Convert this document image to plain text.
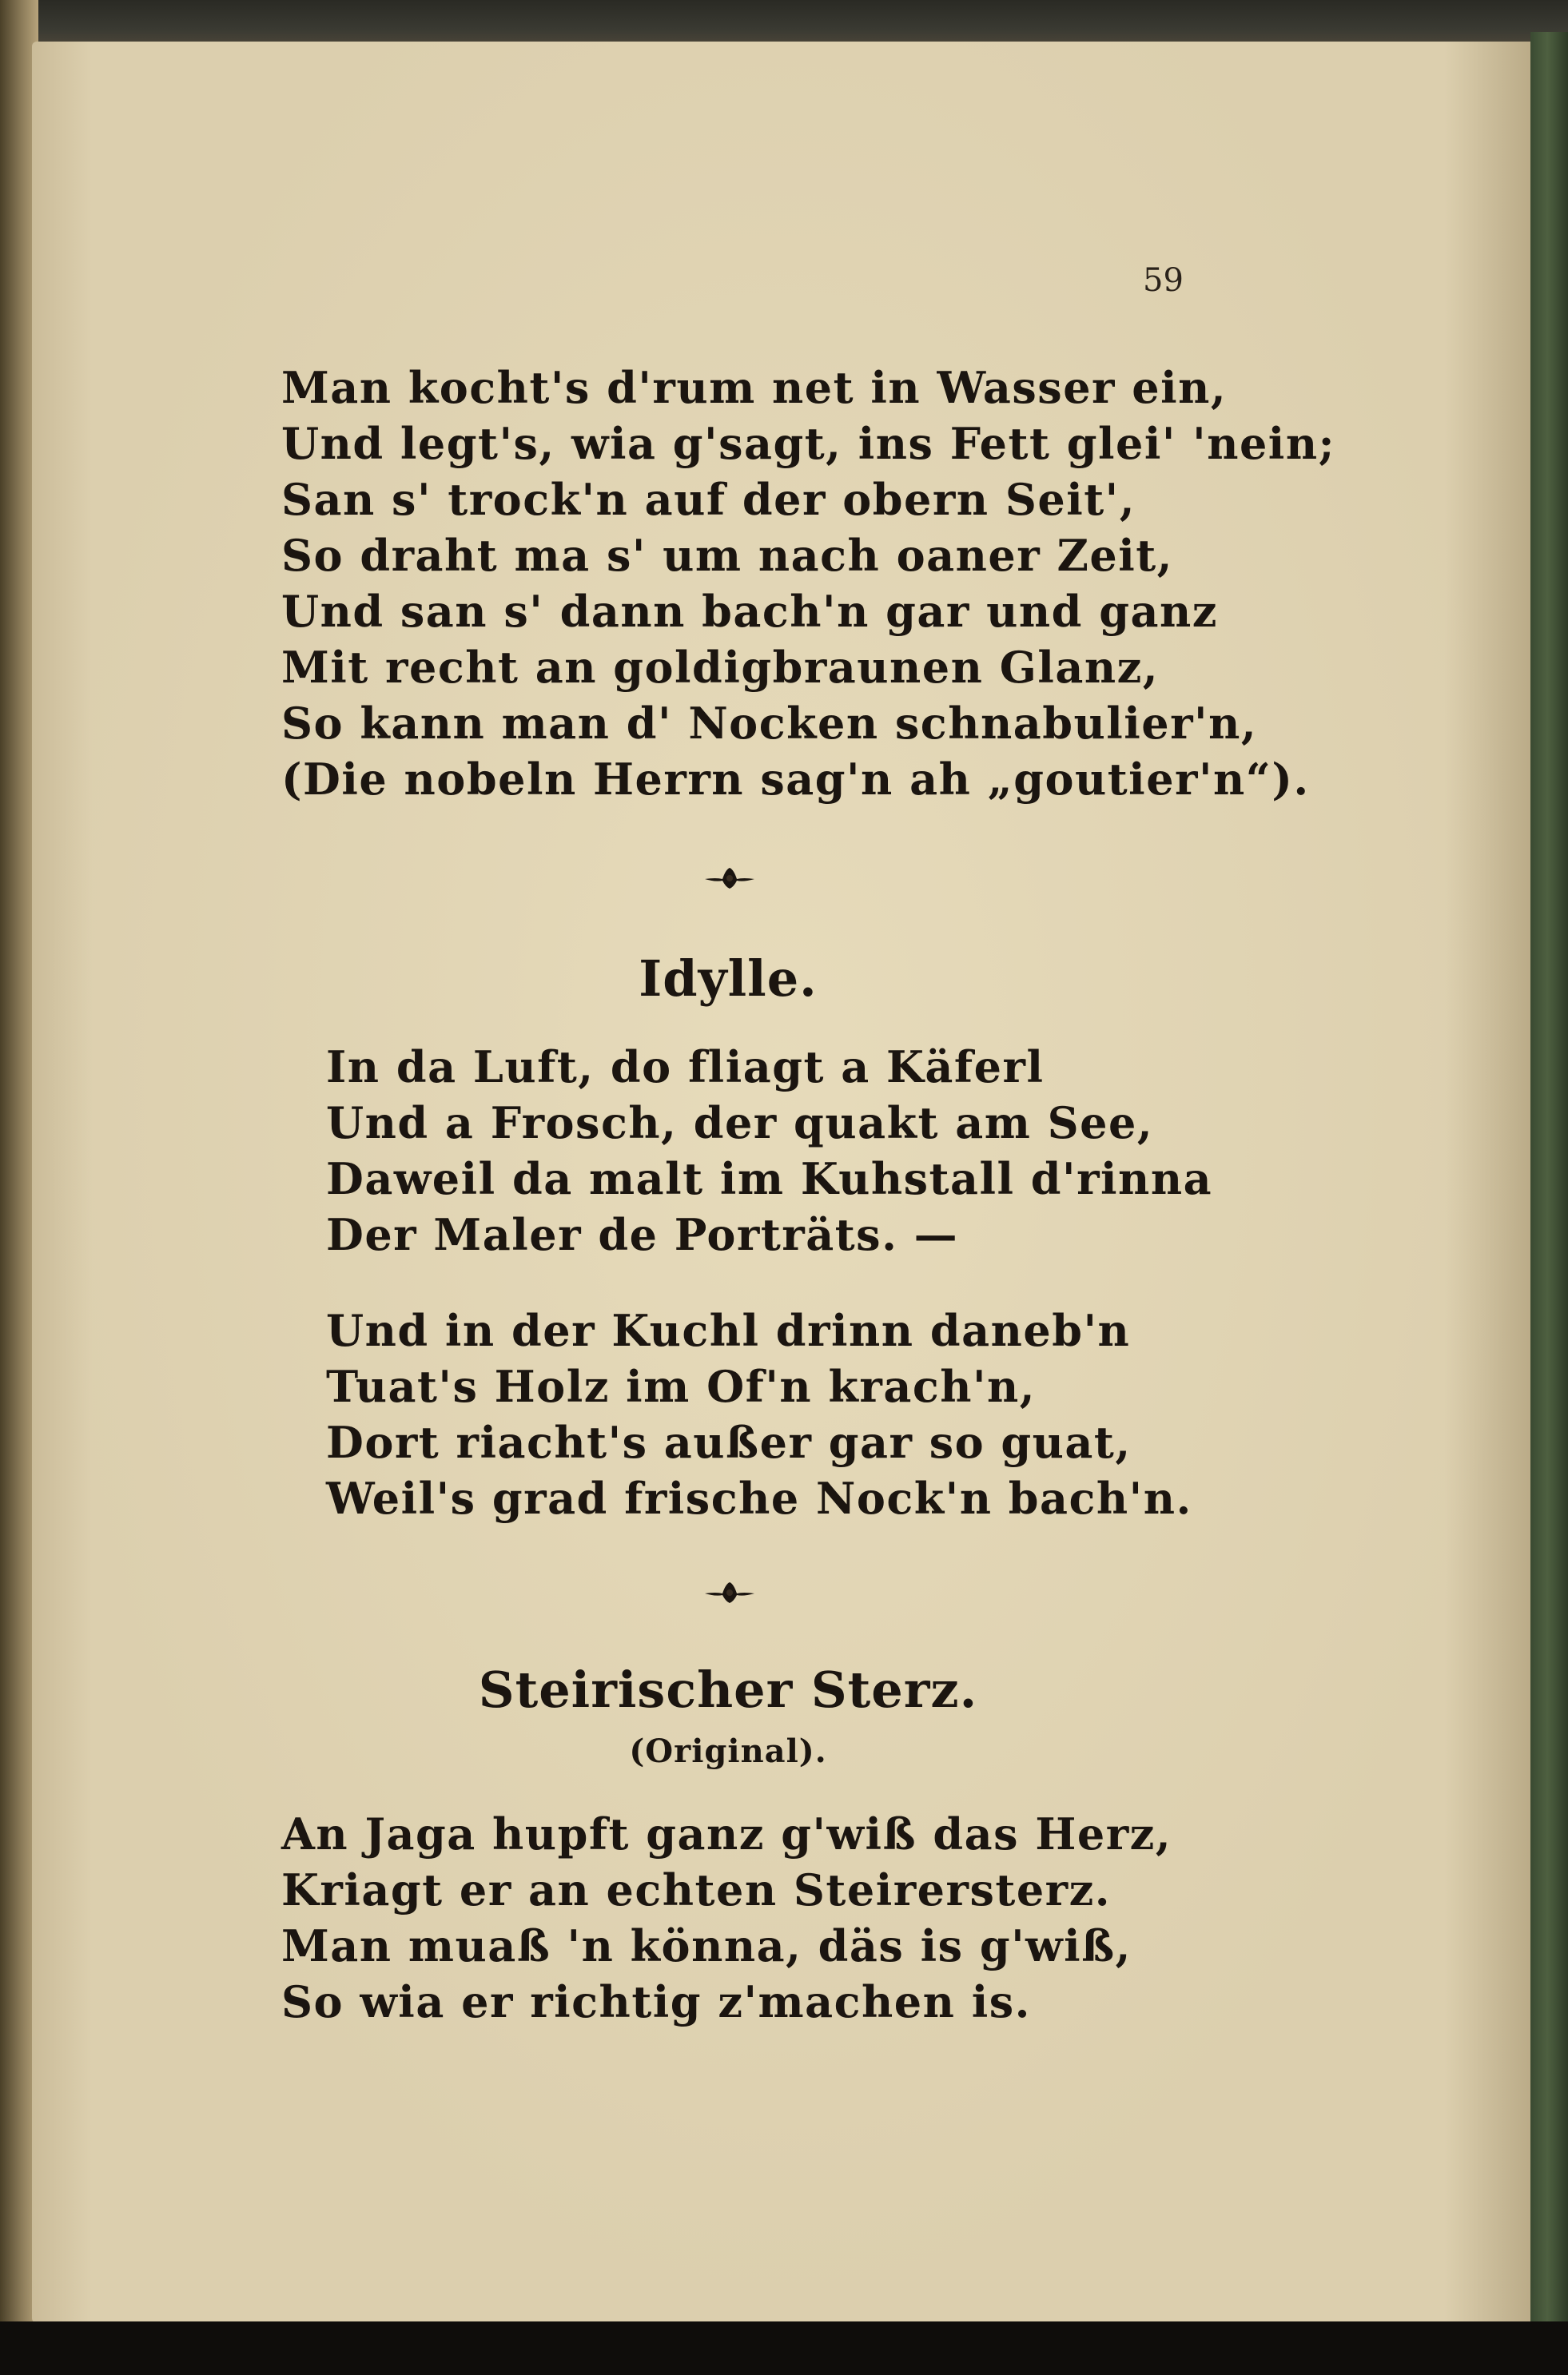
59
Man kocht's d'rum net in Wasser ein,
Und legt's, wia g'sagt, ins Fett glei' 'nein;
San s' trock'n auf der obern Seit',
So draht ma s' um nach oaner Zeit,
Und san s' dann bach'n gar und ganz
Mit recht an goldigbraunen Glanz,
So kann man d' Nocken schnabulier'n,
(Die nobeln Herrn sag'n ah „goutier'n“).
Idylle.
In da Luft, do fliagt a Käferl
Und a Frosch, der quakt am See,
Daweil da malt im Kuhstall d'rinna
Der Maler de Porträts. —
Und in der Kuchl drinn daneb'n
Tuat's Holz im Of'n krach'n,
Dort riacht's außer gar so guat,
Weil's grad frische Nock'n bach'n.
Steirischer Sterz.
(Original).
An Jaga hupft ganz g'wiß das Herz,
Kriagt er an echten Steirersterz.
Man muaß 'n könna, däs is g'wiß,
So wia er richtig z'machen is.
